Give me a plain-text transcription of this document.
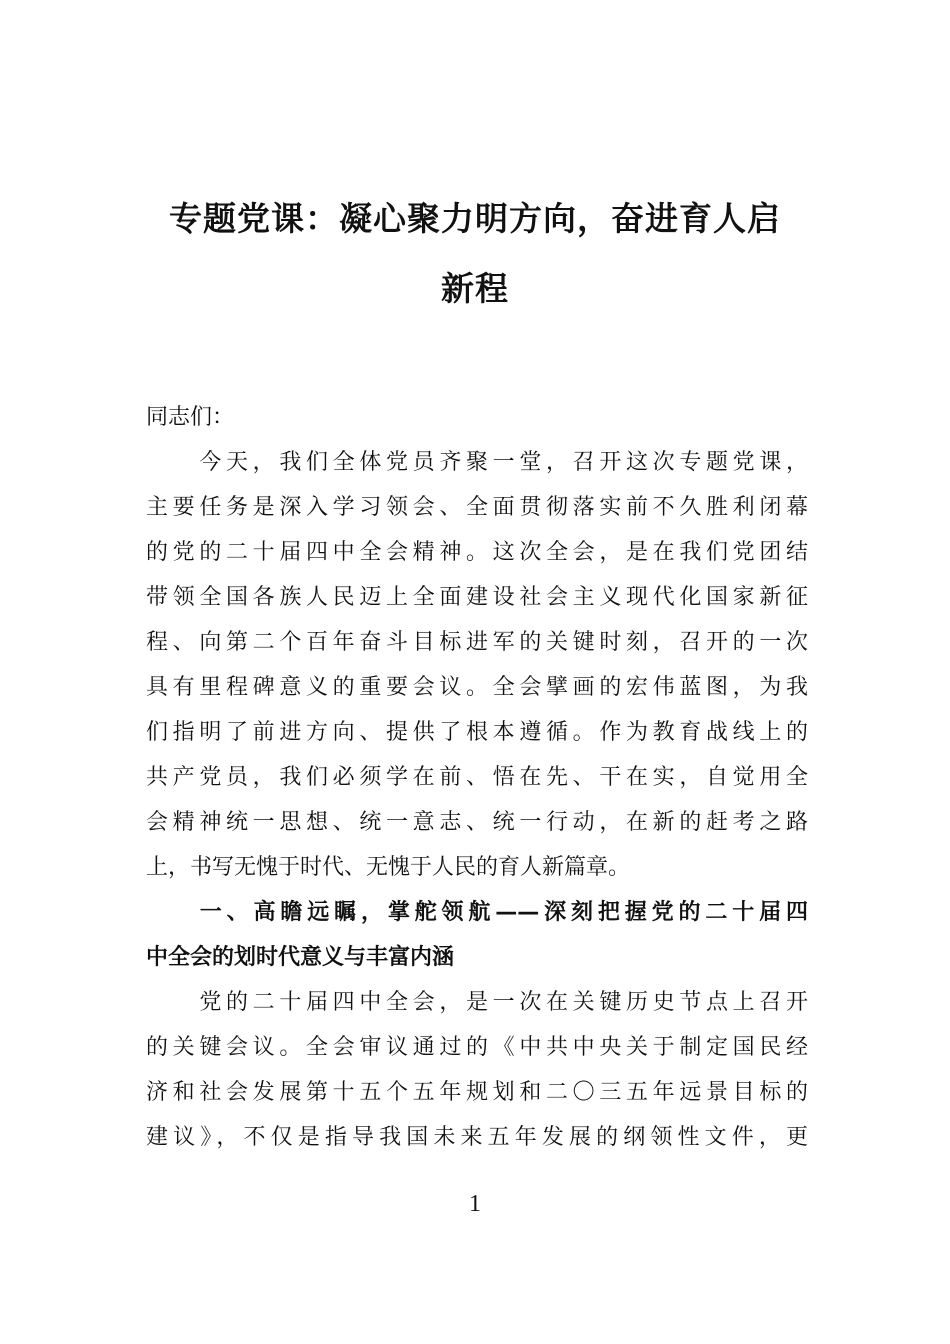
专题党课：凝心聚力明方向，奋进育人启
新程

同志们：

　　今天，我们全体党员齐聚一堂，召开这次专题党课，

主要任务是深入学习领会、全面贯彻落实前不久胜利闭幕

的党的二十届四中全会精神。这次全会，是在我们党团结

带领全国各族人民迈上全面建设社会主义现代化国家新征

程、向第二个百年奋斗目标进军的关键时刻，召开的一次

具有里程碑意义的重要会议。全会擘画的宏伟蓝图，为我

们指明了前进方向、提供了根本遵循。作为教育战线上的

共产党员，我们必须学在前、悟在先、干在实，自觉用全

会精神统一思想、统一意志、统一行动，在新的赶考之路

上，书写无愧于时代、无愧于人民的育人新篇章。

　　一、高瞻远瞩，掌舵领航——深刻把握党的二十届四

中全会的划时代意义与丰富内涵

　　党的二十届四中全会，是一次在关键历史节点上召开

的关键会议。全会审议通过的《中共中央关于制定国民经

济和社会发展第十五个五年规划和二〇三五年远景目标的

建议》，不仅是指导我国未来五年发展的纲领性文件，更

1
